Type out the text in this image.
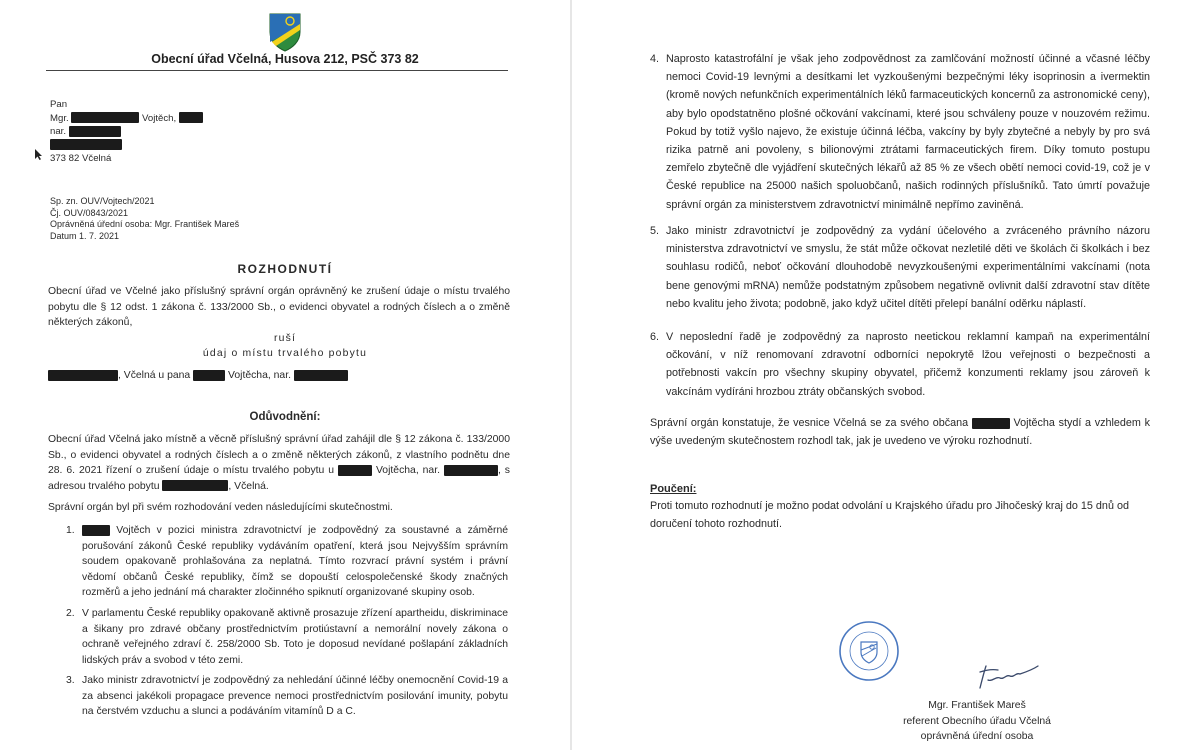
Obecní úřad Včelná, Husova 212, PSČ 373 82
Pan
Mgr.	Vojtěch,
nar.
373 82 Včelná
Sp. zn. OUV/Vojtech/2021
Čj. OUV/0843/2021
Oprávněná úřední osoba: Mgr. František Mareš
Datum 1. 7. 2021
ROZHODNUTÍ
Obecní úřad ve Včelné jako příslušný správní orgán oprávněný ke zrušení údaje o místu trvalého pobytu dle § 12 odst. 1 zákona č. 133/2000 Sb., o evidenci obyvatel a rodných číslech a o změně některých zákonů,
ruší
údaj o místu trvalého pobytu
, Včelná u pana	Vojtěcha, nar.
Odůvodnění:
Obecní úřad Včelná jako místně a věcně příslušný správní úřad zahájil dle § 12 zákona č. 133/2000 Sb., o evidenci obyvatel a rodných číslech a o změně některých zákonů, z vlastního podnětu dne 28. 6. 2021 řízení o zrušení údaje o místu trvalého pobytu u	Vojtěcha, nar.	, s adresou trvalého pobytu	, Včelná.
Správní orgán byl při svém rozhodování veden následujícími skutečnostmi.
1.	Vojtěch v pozici ministra zdravotnictví je zodpovědný za soustavné a záměrné porušování zákonů České republiky vydáváním opatření, která jsou Nejvyšším správním soudem opakovaně prohlašována za neplatná. Tímto rozvrací právní systém i právní vědomí občanů České republiky, čímž se dopouští celospolečenské škody značných rozměrů a jeho jednání má charakter zločinného spiknutí organizované skupiny osob.
2. V parlamentu České republiky opakovaně aktivně prosazuje zřízení apartheidu, diskriminace a šikany pro zdravé občany prostřednictvím protiústavní a nemorální novely zákona o ochraně veřejného zdraví č. 258/2000 Sb. Toto je doposud nevídané pošlapání základních lidských práv a svobod v této zemi.
3. Jako ministr zdravotnictví je zodpovědný za nehledání účinné léčby onemocnění Covid-19 a za absenci jakékoli propagace prevence nemoci prostřednictvím posilování imunity, pobytu na čerstvém vzduchu a slunci a podáváním vitamínů D a C.
4. Naprosto katastrofální je však jeho zodpovědnost za zamlčování možností účinné a včasné léčby nemoci Covid-19 levnými a desítkami let vyzkoušenými bezpečnými léky isoprinosin a ivermektin (kromě nových nefunkčních experimentálních léků farmaceutických koncernů za astronomické ceny), aby bylo opodstatněno plošné očkování vakcínami, které jsou schváleny pouze v nouzovém režimu. Pokud by totiž vyšlo najevo, že existuje účinná léčba, vakcíny by byly zbytečné a nebyly by pro svá rizika patrně ani povoleny, s bilionovými ztrátami farmaceutických firem. Díky tomuto postupu zemřelo zbytečně dle vyjádření skutečných lékařů až 85 % ze všech obětí nemoci covid-19, což je v České republice na 25000 našich spoluobčanů, našich rodinných příslušníků. Tato úmrtí považuje správní orgán za ministerstvem zdravotnictví minimálně nepřímo zaviněná.
5. Jako ministr zdravotnictví je zodpovědný za vydání účelového a zvráceného právního názoru ministerstva zdravotnictví ve smyslu, že stát může očkovat nezletilé děti ve školách či školkách i bez souhlasu rodičů, neboť očkování dlouhodobě nevyzkoušenými experimentálními vakcínami (nota bene genovými mRNA) nemůže podstatným způsobem negativně ovlivnit další zdravotní stav dítěte nebo kvalitu jeho života; podobně, jako když učitel dítěti přelepí banální oděrku náplastí.
6. V neposlední řadě je zodpovědný za naprosto neetickou reklamní kampaň na experimentální očkování, v níž renomovaní zdravotní odborníci nepokrytě lžou veřejnosti o bezpečnosti a potřebnosti vakcín pro všechny skupiny obyvatel, přičemž konzumenti reklamy jsou zároveň k vakcínám vydíráni hrozbou ztráty občanských svobod.
Správní orgán konstatuje, že vesnice Včelná se za svého občana	Vojtěcha stydí a vzhledem k výše uvedeným skutečnostem rozhodl tak, jak je uvedeno ve výroku rozhodnutí.
Poučení:
Proti tomuto rozhodnutí je možno podat odvolání u Krajského úřadu pro Jihočeský kraj do 15 dnů od doručení tohoto rozhodnutí.
Mgr. František Mareš
referent Obecního úřadu Včelná
oprávněná úřední osoba
